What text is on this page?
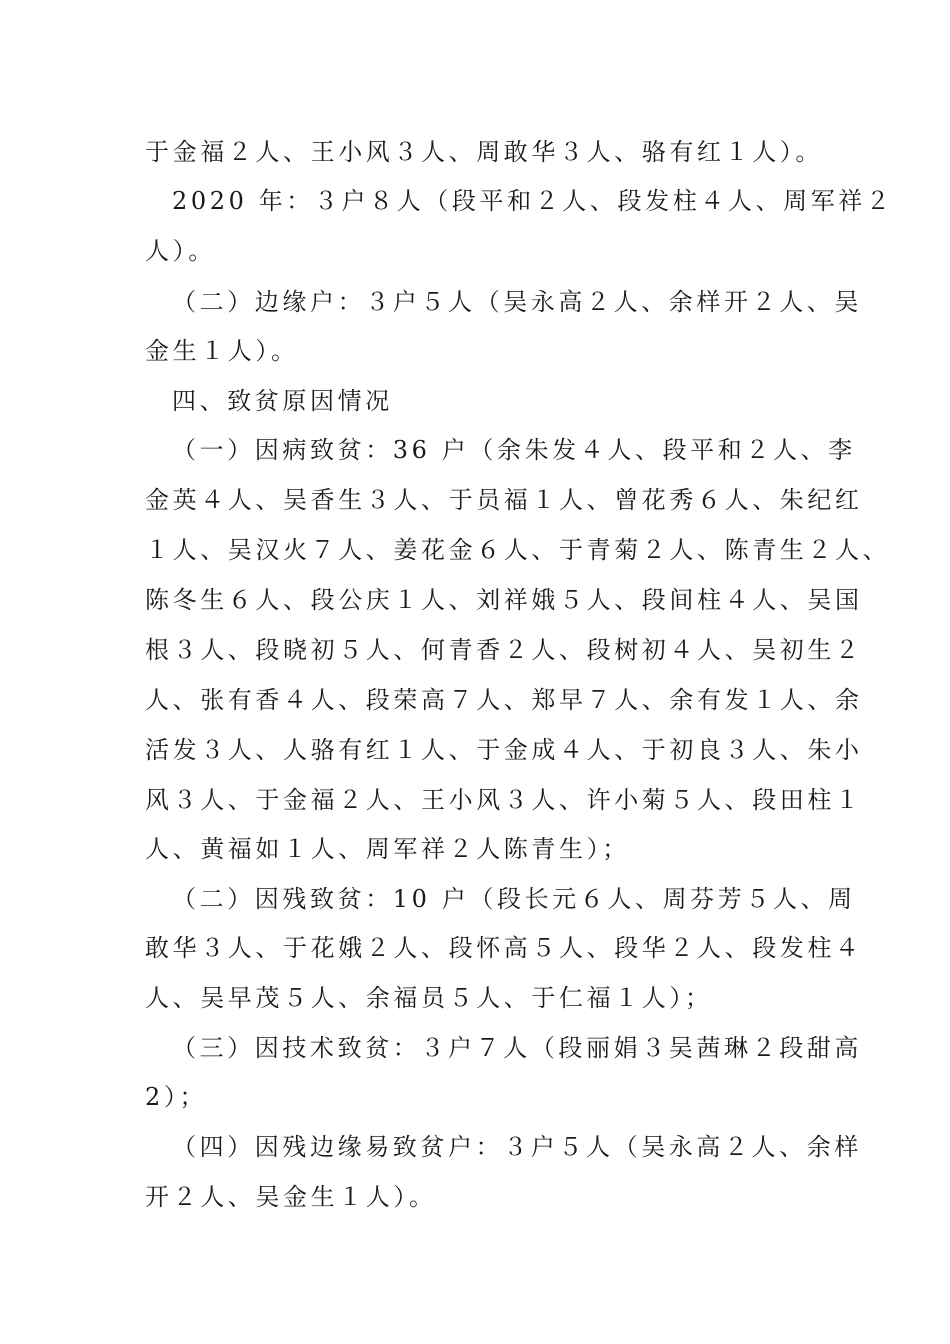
于金福２人、王小风３人、周敢华３人、骆有红１人）。
2020 年：３户８人（段平和２人、段发柱４人、周军祥２
人）。
（二）边缘户：３户５人（吴永高２人、余样开２人、吴
金生１人）。
四、致贫原因情况
（一）因病致贫：36 户（余朱发４人、段平和２人、李
金英４人、吴香生３人、于员福１人、曾花秀６人、朱纪红
１人、吴汉火７人、姜花金６人、于青菊２人、陈青生２人、
陈冬生６人、段公庆１人、刘祥娥５人、段间柱４人、吴国
根３人、段晓初５人、何青香２人、段树初４人、吴初生２
人、张有香４人、段荣高７人、郑早７人、余有发１人、余
活发３人、人骆有红１人、于金成４人、于初良３人、朱小
风３人、于金福２人、王小风３人、许小菊５人、段田柱１
人、黄福如１人、周军祥２人陈青生）；
（二）因残致贫：10 户（段长元６人、周芬芳５人、周
敢华３人、于花娥２人、段怀高５人、段华２人、段发柱４
人、吴早茂５人、余福员５人、于仁福１人）；
（三）因技术致贫：３户７人（段丽娟３吴茜琳２段甜高
2）；
（四）因残边缘易致贫户：３户５人（吴永高２人、余样
开２人、吴金生１人）。
